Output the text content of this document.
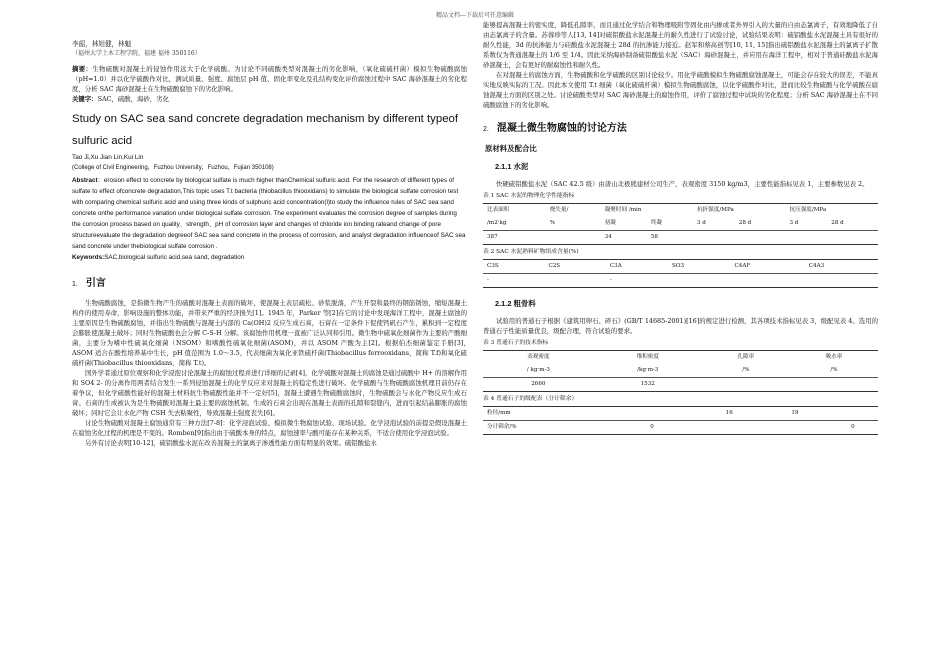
精品文档---下载后可任意编辑

李韶，林旭健，林魁

（福州大学土木工程学院，福建 福州 350116）

摘要：生物硫酸对混凝土的侵蚀作用远大于化学硫酸。为讨论不同硫酸类型对混凝土的劣化影响，（氧化硫硫杆菌）模拟生物硫酸腐蚀（pH=1.0）并以化学硫酸作对比，测试质量、强度、腐蚀层 pH 值、固化率变化及孔结构变化评价腐蚀过程中 SAC 海砂混凝土的劣化程度，分析 SAC 海砂混凝土在生物硫酸腐蚀下的劣化影响。

关键字：SAC，硫酸，海砂，劣化

Study on SAC sea sand concrete degradation mechanism by different typeof sulfuric acid

Tao Ji,Xu Jian Lin,Kui Lin

(College of Civil Engineering，Fuzhou University，Fuzhou，Fujian 350108)

Abstract：erosion effect to concrete by biological sulfate is much higher thanChemical sulfuric acid. For the research of different types of sulfate to effect ofconcrete degradation,This topic uses T.t bacteria (thiobacillus thiooxidans) to simulate the biological sulfate corrosion test with comparing chemical sulfuric acid and using three kinds of sulphuric acid concentration(l)to study the influence rules of SAC sea sand concrete onthe performance variation under biological sulfate corrosion. The experiment evaluates the corrosion degree of samples during the corrosion process based on quality、strength、pH of corrosion layer and changes of chloride ion binding rateand change of pore structureevaluate the degradation degreeof SAC sea sand concrete in the process of corrosion, and analyst degradation influenceof SAC sea sand concrete under thebiological sulfate corrosion .

Keywords:SAC,biological sulfuric acid,sea sand, degradation

1. 引言

生物硫酸腐蚀，是指微生物产生的硫酸对混凝土表面的破坏，使混凝土表层疏松、砂浆脱落，产生开裂和最终的钢筋锈蚀，缩短混凝土构件的使用寿命，影响设施的整体功能，并带来严重的经济损失[1]。1945 年，Parker 等[2]在它的讨论中发现海洋工程中，混凝土腐蚀的主要原因是生物硫酸腐蚀，并指出生物硫酸与混凝土内部的 Ca(OH)2 反应生成石膏，石膏在一定条件下促使钙矾石产生，累积到一定程度会膨胀使混凝土破坏；同时生物硫酸也会分解 C-S-H 分解。该腐蚀作用机理一直被广泛认同和引用。微生物中硫氧化细菌作为主要的产酸细菌，主要分为嗜中性硫氧化细菌（NSOM）和嗜酸性硫氧化细菌(ASOM)，并以 ASOM 产酸为主[2]。根据伯杰细菌鉴定手册[3]，　ASOM 适合在酸性培养基中生长，pH 值范围为 1.0～3.5，代表细菌为氧化亚铁硫杆菌(Thiobacillus ferrooxidans，简称 T.f)和氧化硫硫杆菌(Thiobacillus thiooxidans，简称 T.t)。

国外学者通过原位观察和化学浸泡讨论混凝土的腐蚀过程并进行详细的记录[4]，化学硫酸对混凝土的腐蚀是通过硫酸中 H+ 的溶解作用和 SO4 2- 的分离作用两者结合发生一系列侵蚀混凝土的化学反应来对混凝土的稳定性进行破坏。化学硫酸与生物硫酸腐蚀机理目前仍存在着争议，但化学硫酸性能好的混凝土材料抗生物硫酸性能并不一定好[5]，混凝土遭遇生物硫酸腐蚀时，生物硫酸会与水化产物反应生成石膏。石膏的生成被认为是生物硫酸对混凝土最主要的腐蚀机制。生成的石膏会出现在混凝土表面的孔隙和裂缝内，进而引起结晶膨胀的腐蚀破坏；同时它会让水化产物 CSH 失去粘聚性，导致混凝土强度丧失[6]。

讨论生物硫酸对混凝土腐蚀通常有三种方法[7-8]：化学浸泡试验、模拟微生物腐蚀试验、现场试验。化学浸泡试验的前提是假设混凝土在腐蚀劣化过程的机理是不变的。Romben[9]指出由于硫酸本身的特点，腐蚀速率与酸可能存在某种关系，不适合使用化学浸泡试验。

另外有讨论表明[10-12]，硫铝酸盐水泥在改善混凝土的氯离子渗透性能方面有明显的效果。硫铝酸盐水

能够提高混凝土的密实度，降低孔隙率，而且通过化学结合和物理吸附等固化由内掺或者外界引入的大量的自由态氯离子，有效地降低了自由态氯离子的含量。苏蓉珍等人[13, 14]对硫铝酸盐水泥混凝土的耐久性进行了试验讨论，试验结果表明：硫铝酸盐水泥混凝土具有很好的耐久性能，3d 的抗渗能力与硅酸盐水泥混凝土 28d 的抗渗能力接近。赵军和蔡高创等[10, 11, 15]指出硫铝酸盐水泥混凝土的氯离子扩散系数仅为普通混凝土的 1/6 至 1/4。因此采纳海砂制备硫铝酸盐水泥（SAC）海砂混凝土，并应用在海洋工程中，相对于普通硅酸盐水泥海砂混凝土，会有更好的耐腐蚀性和耐久性。

在对混凝土的腐蚀方面，生物硫酸和化学硫酸的区别讨论较少。用化学硫酸模拟生物硫酸腐蚀混凝土，可能会存在较大的误差，不能真实地反映实际的工况。因此本文使用 T.t 细菌（氧化硫硫杆菌）模拟生物硫酸腐蚀，以化学硫酸作对比，进而比较生物硫酸与化学硫酸在腐蚀混凝土方面的区别之处。讨论硫酸类型对 SAC 海砂混凝土的腐蚀作用，评价了腐蚀过程中试块的劣化程度；分析 SAC 海砂混凝土在不同硫酸腐蚀下的劣化影响。

2. 混凝土微生物腐蚀的讨论方法
原材料及配合比
2.1.1 水泥

快硬硫铝酸盐水泥（SAC 42.5 级）由唐山北极熊建材公司生产，表观密度 3150 kg/m3，主要性能指标见表 1，主要参数见表 2。

表 1 SAC 水泥的物理化学性能指标
比表面积	烧失量/	凝聚时间 /min		抗折强度/MPa		抗压强度/MPa	
/m2·kg	%	初凝	终凝	3 d	28 d	3 d	28 d
387		34	58				
表 2 SAC 水泥熟料矿物组成含量(%)
C3S	C2S	C3A	SO3	C4AF	C4A3
-		-			
2.1.2 粗骨料

试验用的普通石子根据《建筑用卵石、碎石》(GB/T 14685-2001)[16]的规定进行检测，其各项技术指标见表 3，级配见表 4。选用的普通石子性能质量优良，级配合理，符合试验的要求。

表 3 普通石子的技术指标
表观密度	堆积密度	孔隙率	吸水率
/ kg·m-3	/kg·m-3	/%	/%
2660	1532		
表 4 普通石子的级配表（分计筛余）
粒径/mm		16	19	
分计筛余/%	0			0
